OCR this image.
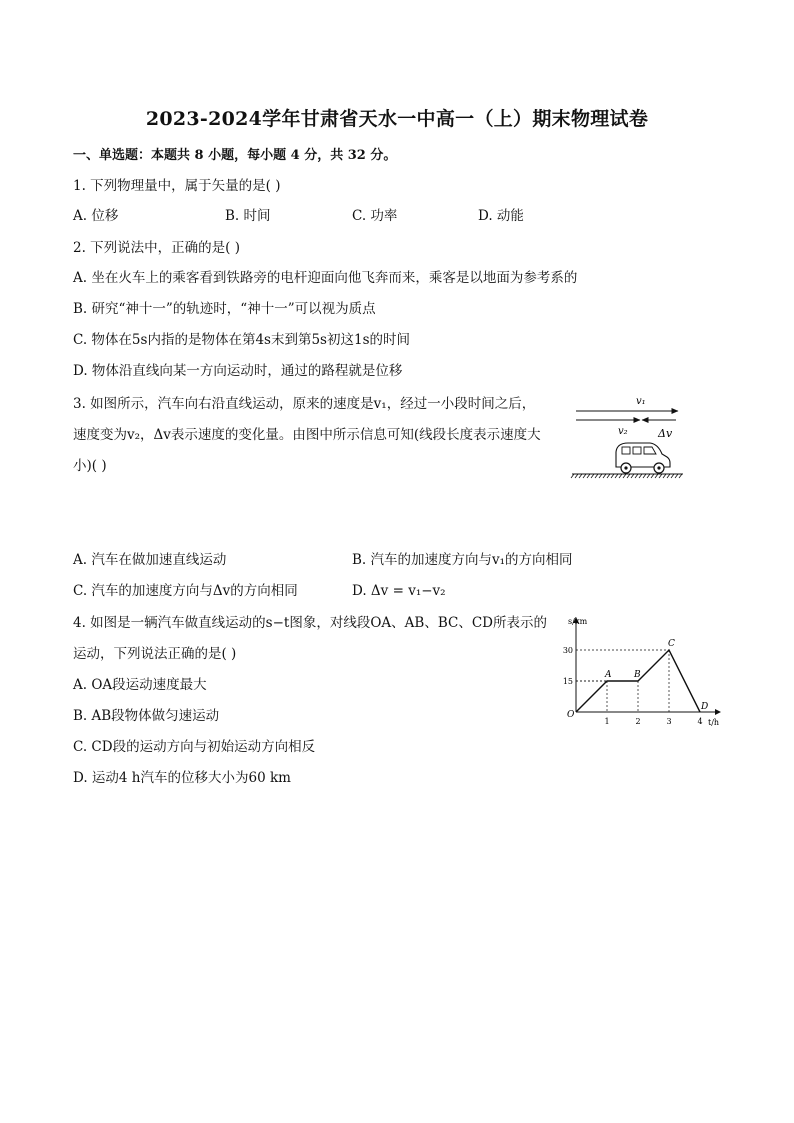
2023-2024学年甘肃省天水一中高一（上）期末物理试卷
一、单选题：本题共 8 小题，每小题 4 分，共 32 分。
1. 下列物理量中，属于矢量的是( )
A. 位移	B. 时间	C. 功率	D. 动能
2. 下列说法中，正确的是( )
A. 坐在火车上的乘客看到铁路旁的电杆迎面向他飞奔而来，乘客是以地面为参考系的
B. 研究“神十一”的轨迹时，“神十一”可以视为质点
C. 物体在5s内指的是物体在第4s末到第5s初这1s的时间
D. 物体沿直线向某一方向运动时，通过的路程就是位移
3. 如图所示，汽车向右沿直线运动，原来的速度是v₁，经过一小段时间之后，
速度变为v₂，Δv表示速度的变化量。由图中所示信息可知(线段长度表示速度大
小)( )
v₁
v₂	Δv
A. 汽车在做加速直线运动	B. 汽车的加速度方向与v₁的方向相同
C. 汽车的加速度方向与Δv的方向相同	D. Δv = v₁−v₂
4. 如图是一辆汽车做直线运动的s−t图象，对线段OA、AB、BC、CD所表示的
运动，下列说法正确的是( )
A. OA段运动速度最大
B. AB段物体做匀速运动
C. CD段的运动方向与初始运动方向相反
D. 运动4 h汽车的位移大小为60 km
s/km
t/h
15
30
1	2	3	4
O
A	B
C
D
